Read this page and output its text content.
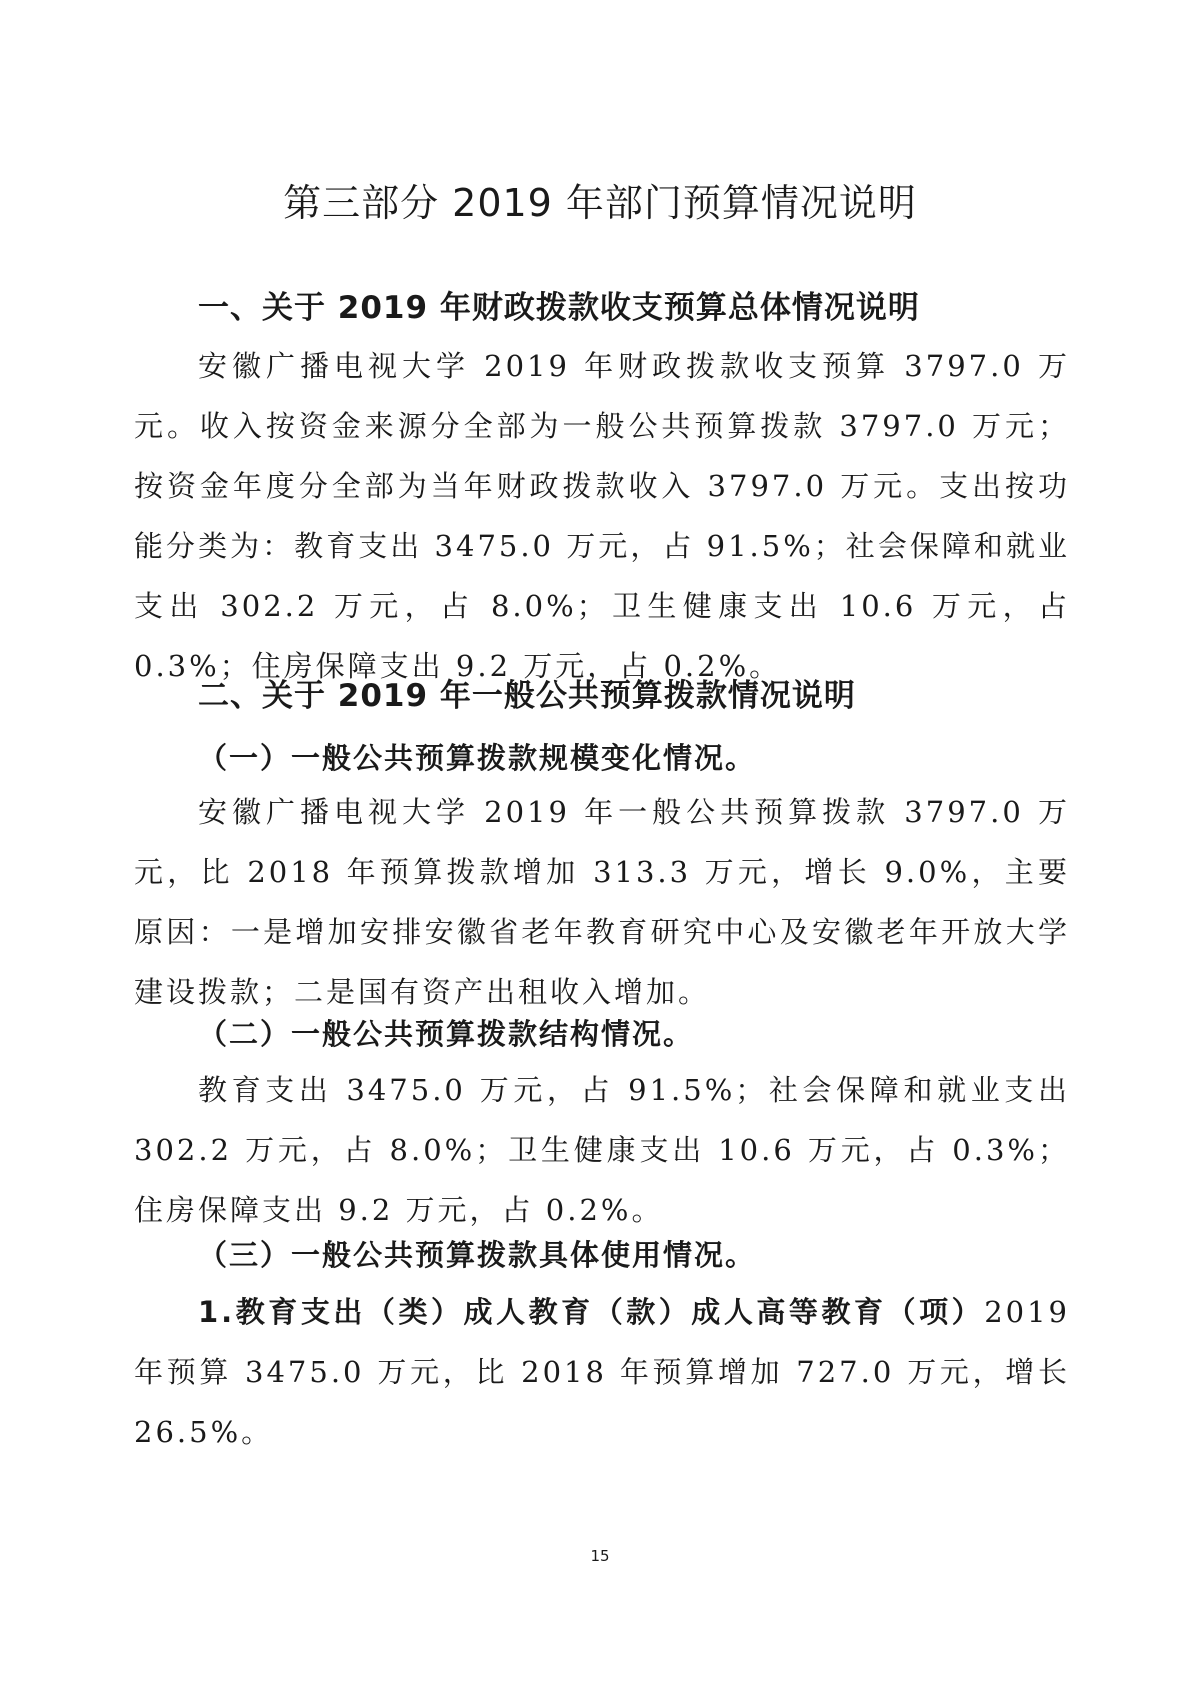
第三部分 2019 年部门预算情况说明
一、关于 2019 年财政拨款收支预算总体情况说明

安徽广播电视大学 2019 年财政拨款收支预算 3797.0 万元。收入按资金来源分全部为一般公共预算拨款 3797.0 万元；按资金年度分全部为当年财政拨款收入 3797.0 万元。支出按功能分类为：教育支出 3475.0 万元，占 91.5%；社会保障和就业支出 302.2 万元，占 8.0%；卫生健康支出 10.6 万元，占 0.3%；住房保障支出 9.2 万元，占 0.2%。

二、关于 2019 年一般公共预算拨款情况说明
（一）一般公共预算拨款规模变化情况。

安徽广播电视大学 2019 年一般公共预算拨款 3797.0 万元，比 2018 年预算拨款增加 313.3 万元，增长 9.0%，主要原因：一是增加安排安徽省老年教育研究中心及安徽老年开放大学建设拨款；二是国有资产出租收入增加。

（二）一般公共预算拨款结构情况。

教育支出 3475.0 万元，占 91.5%；社会保障和就业支出 302.2 万元，占 8.0%；卫生健康支出 10.6 万元，占 0.3%；住房保障支出 9.2 万元，占 0.2%。

（三）一般公共预算拨款具体使用情况。

1.教育支出（类）成人教育（款）成人高等教育（项）2019 年预算 3475.0 万元，比 2018 年预算增加 727.0 万元，增长 26.5%。

15
